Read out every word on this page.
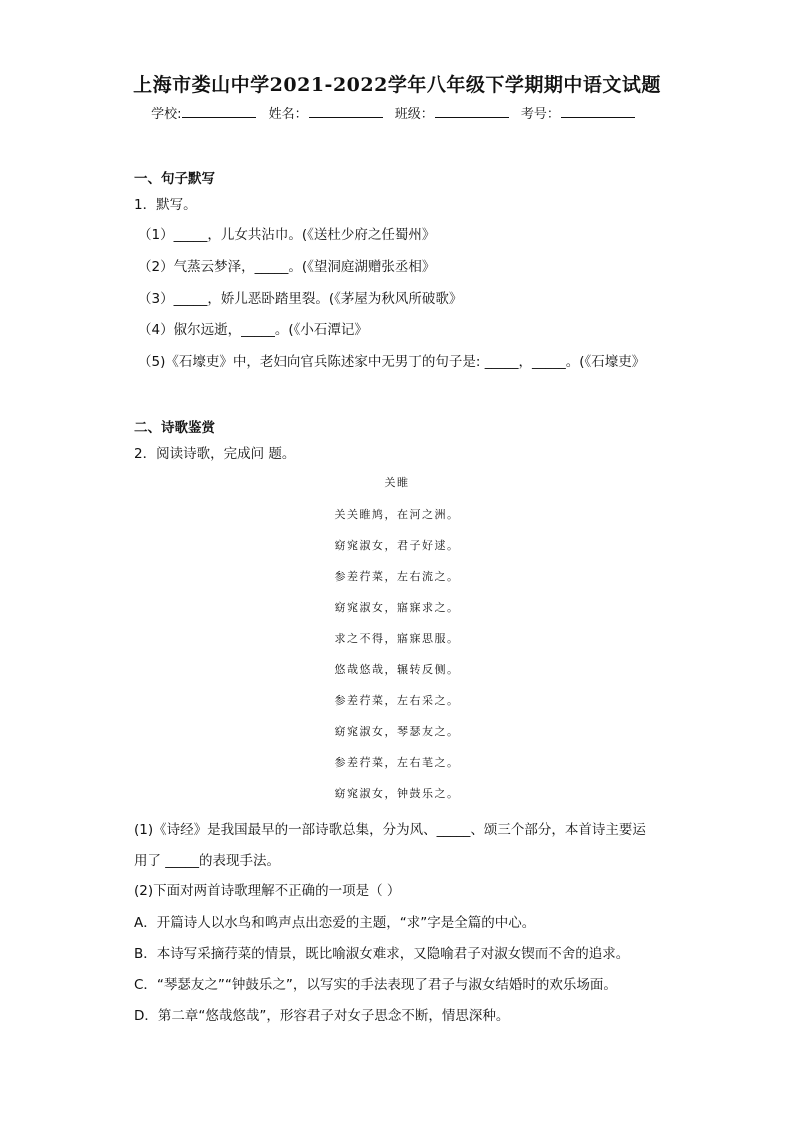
上海市娄山中学2021-2022学年八年级下学期期中语文试题
学校:	姓名：	班级：	考号：
一、句子默写
1．默写。
（1）_____，儿女共沾巾。(《送杜少府之任蜀州》
（2）气蒸云梦泽，_____。(《望洞庭湖赠张丞相》
（3）_____，娇儿恶卧踏里裂。(《茅屋为秋风所破歌》
（4）俶尔远逝，_____。(《小石潭记》
（5)《石壕吏》中，老妇向官兵陈述家中无男丁的句子是: _____，_____。(《石壕吏》
二、诗歌鉴赏
2．阅读诗歌，完成问 题。
关睢
关关睢鸠，在河之洲。
窈窕淑女，君子好逑。
参差荇菜，左右流之。
窈窕淑女，寤寐求之。
求之不得，寤寐思服。
悠哉悠哉，辗转反侧。
参差荇菜，左右采之。
窈窕淑女，琴瑟友之。
参差荇菜，左右芼之。
窈窕淑女，钟鼓乐之。
(1)《诗经》是我国最早的一部诗歌总集，分为风、_____、颂三个部分，本首诗主要运
用了 _____的表现手法。
(2)下面对两首诗歌理解不正确的一项是（ ）
A．开篇诗人以水鸟和鸣声点出恋爱的主题，“求”字是全篇的中心。
B．本诗写采摘荇菜的情景，既比喻淑女难求，又隐喻君子对淑女锲而不舍的追求。
C．“琴瑟友之”“钟鼓乐之”，以写实的手法表现了君子与淑女结婚时的欢乐场面。
D．第二章“悠哉悠哉”，形容君子对女子思念不断，情思深种。
